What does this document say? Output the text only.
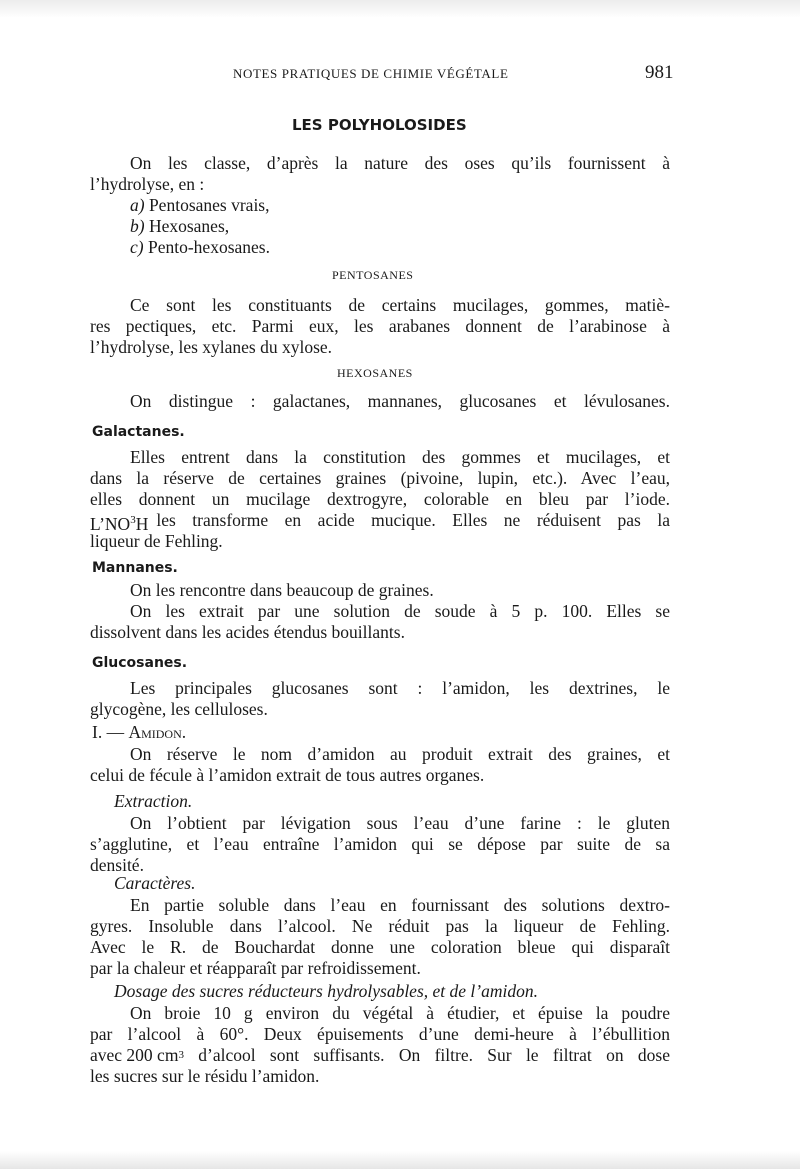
NOTES PRATIQUES DE CHIMIE VÉGÉTALE	981
LES POLYHOLOSIDES
On les classe, d’après la nature des oses qu’ils fournissent à
l’hydrolyse, en :
a) Pentosanes vrais,
b) Hexosanes,
c) Pento-hexosanes.
PENTOSANES
Ce sont les constituants de certains mucilages, gommes, matiè-
res pectiques, etc. Parmi eux, les arabanes donnent de l’arabinose à
l’hydrolyse, les xylanes du xylose.
HEXOSANES
On distingue : galactanes, mannanes, glucosanes et lévulosanes.
Galactanes.
Elles entrent dans la constitution des gommes et mucilages, et
dans la réserve de certaines graines (pivoine, lupin, etc.). Avec l’eau,
elles donnent un mucilage dextrogyre, colorable en bleu par l’iode.
$L’NO^3H$ les transforme en acide mucique. Elles ne réduisent pas la
liqueur de Fehling.
Mannanes.
On les rencontre dans beaucoup de graines.
On les extrait par une solution de soude à 5 p. 100. Elles se
dissolvent dans les acides étendus bouillants.
Glucosanes.
Les principales glucosanes sont : l’amidon, les dextrines, le
glycogène, les celluloses.
I. — Amidon.
On réserve le nom d’amidon au produit extrait des graines, et
celui de fécule à l’amidon extrait de tous autres organes.
Extraction.
On l’obtient par lévigation sous l’eau d’une farine : le gluten
s’agglutine, et l’eau entraîne l’amidon qui se dépose par suite de sa
densité.
Caractères.
En partie soluble dans l’eau en fournissant des solutions dextro-
gyres. Insoluble dans l’alcool. Ne réduit pas la liqueur de Fehling.
Avec le R. de Bouchardat donne une coloration bleue qui disparaît
par la chaleur et réapparaît par refroidissement.
Dosage des sucres réducteurs hydrolysables, et de l’amidon.
On broie 10 g environ du végétal à étudier, et épuise la poudre
par l’alcool à 60°. Deux épuisements d’une demi-heure à l’ébullition
avec 200 cm 3 d’alcool sont suffisants. On filtre. Sur le filtrat on dose
les sucres sur le résidu l’amidon.
